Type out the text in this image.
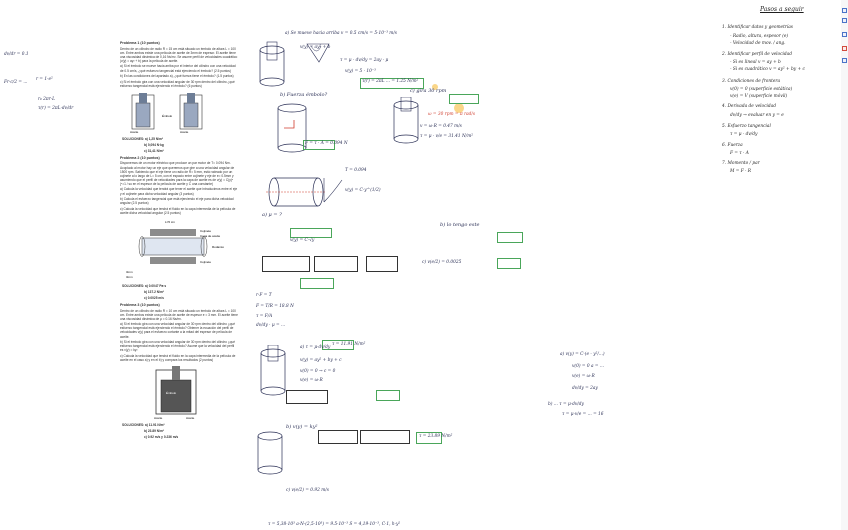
dv/dr = 0.1
Fr·c/2 = ...
r = 1·e²
r₀ 2πr·L
τ(r) = 2πL·dv/dr
Problema 1 (10 puntos)

Dentro de un cilindro de radio R = 15 cm está situado un émbolo de altura L = 100 cm. Entre ambos existe una película de aceite de 3mm de espesor. El aceite tiene una viscosidad dinámica de 0,16 Ns/m². Se asume perfil de velocidades cuadrático (v(y) = ay² + b) para la película de aceite.

a) Si el émbolo se mueve hacia arriba por el interior del cilindro con una velocidad de 0.5 cm/s, ¿qué esfuerzo tangencial está ejerciendo el émbolo? (2.5 puntos)

b) En las condiciones del apartado a), ¿qué fuerza tiene el émbolo? (1.5 puntos)

c) Si el émbolo gira con una velocidad angular de 30 rpm dentro del cilindro ¿qué esfuerzo tangencial está ejerciendo el émbolo? (6 puntos)

Aceite
Émbolo
Aceite
SOLUCIONES: a) 1,25 N/m²
b) 0,094 N·kg
c) 31,41 N/m²
Problema 2 (10 puntos)

Disponemos de un motor eléctrico que produce un par motor de T= 0.094 Nm. Acoplado al motor hay un eje que queremos que gire a una velocidad angular de 1500 rpm. Sabiendo que el eje tiene un radio de R= 5 mm, está rodeado por un cojinete a lo largo de L= 5 cm, con el espacio entre cojinete y eje de e= 0.5mm y asumiendo que el perfil de velocidades para la capa de aceite es de v(y) = C(y)ⁿ (ⁿ=1 / su en el espesor de la película de aceite y C una constante)

a) Calcula la velocidad que tendrá que tener el aceite que introducimos entre el eje y el cojinete para dicha velocidad angular (3 puntos)

b) Calcula el esfuerzo tangencial que está ejerciendo el eje para dicha velocidad angular (2.5 puntos)

c) Calcula la velocidad que tendrá el fluido en la capa intermedia de la película de aceite dicha velocidad angular (2.5 puntos)

L=5 cm
Cojinete
Capa de aceite
Rodamio
Cojinete
3mm
3mm
SOLUCIONES: a) 0.0047 Pa·s
b) 137.2 N/m²
c) 0.0025 m/s
Problema 3 (10 puntos)

Dentro de un cilindro de radio R = 10 cm está situado un émbolo de altura L = 100 cm. Entre ambos existe una película de aceite de espesor e = 3 mm. El aceite tiene una viscosidad dinámica de μ = 0.16 Ns/m².

a) Si el émbolo gira con una velocidad angular de 30 rpm dentro del cilindro ¿qué esfuerzo tangencial está ejerciendo el émbolo? Obtener la ecuación del perfil de velocidades v(y) para el esfuerzo cortante a la mitad del espesor de película de aceite.

b) Si el émbolo gira con una velocidad angular de 30 rpm dentro del cilindro ¿qué esfuerzo tangencial está ejerciendo el émbolo? Asume que la velocidad del perfil es v(y) = ky²

c) Calcula la velocidad que tendrá el fluido en la capa intermedia de la película de aceite en el caso a) y en el b) y compara los resultados (2 puntos)

Émbolo
Aceite	Aceite
SOLUCIONES: a) 11.91 N/m²
b) 23.89 N/m²
c) 0.92 m/s y 0.236 m/s
a) Se mueve hacia arriba v = 0.5 cm/s = 5·10⁻³ m/s
v(y) = ay² + b
τ = μ · dv/dy = 2ay · μ
v(y) = 5 · 10⁻³
τ(r) = 2πL ... = 1.25 N/m²
b) Fuerza émbolo?
F = τ · A = 0.094 N
c) gira 30 rpm
ω = 30 rpm = π rad/s
v = ω·R = 0.47 m/s
τ = μ · v/e = 31.41 N/m²
a) μ = ?
v(y) = C·y^(1/2)
T = 0.094
r·F = T
F = T/R = 18.8 N
τ = F/A
dv/dy · μ = ...
v(y) = C·√y
b) lo tengo este
c) v(e/2) = 0.0025
a) τ = μ·dv/dy
v(y) = ay² + by + c
v(0) = 0 → c = 0
v(e) = ω·R
τ = 11.91 N/m²
b) v(y) = ky²
τ = 23.89 N/m²
c) v(e/2) = 0.92 m/s
τ = 5,38·10³ a·N·(2,5·10³) = 9.5·10⁻³ S = 4,19·10⁻³, C·1, h·y²
a) v(y) = C·(e - y²/...)
v(0) = 0 a = ...
v(e) = ω·R
dv/dy = 2ay
b) ... τ = μ·dv/dy
τ = μ·v/e = ... = 16
Pasos a seguir
1. Identificar datos y geometrías
- Radio, altura, espesor (e)
- Velocidad de mov. / ang.
2. Identificar perfil de velocidad
- Si es lineal v = ay + b
- Si es cuadrático v = ay² + by + c
3. Condiciones de frontera
v(0) = 0 (superficie estática)
v(e) = V (superficie móvil)
4. Derivada de velocidad
dv/dy → evaluar en y = e
5. Esfuerzo tangencial
τ = μ · dv/dy
6. Fuerza
F = τ · A
7. Momento / par
M = F · R
